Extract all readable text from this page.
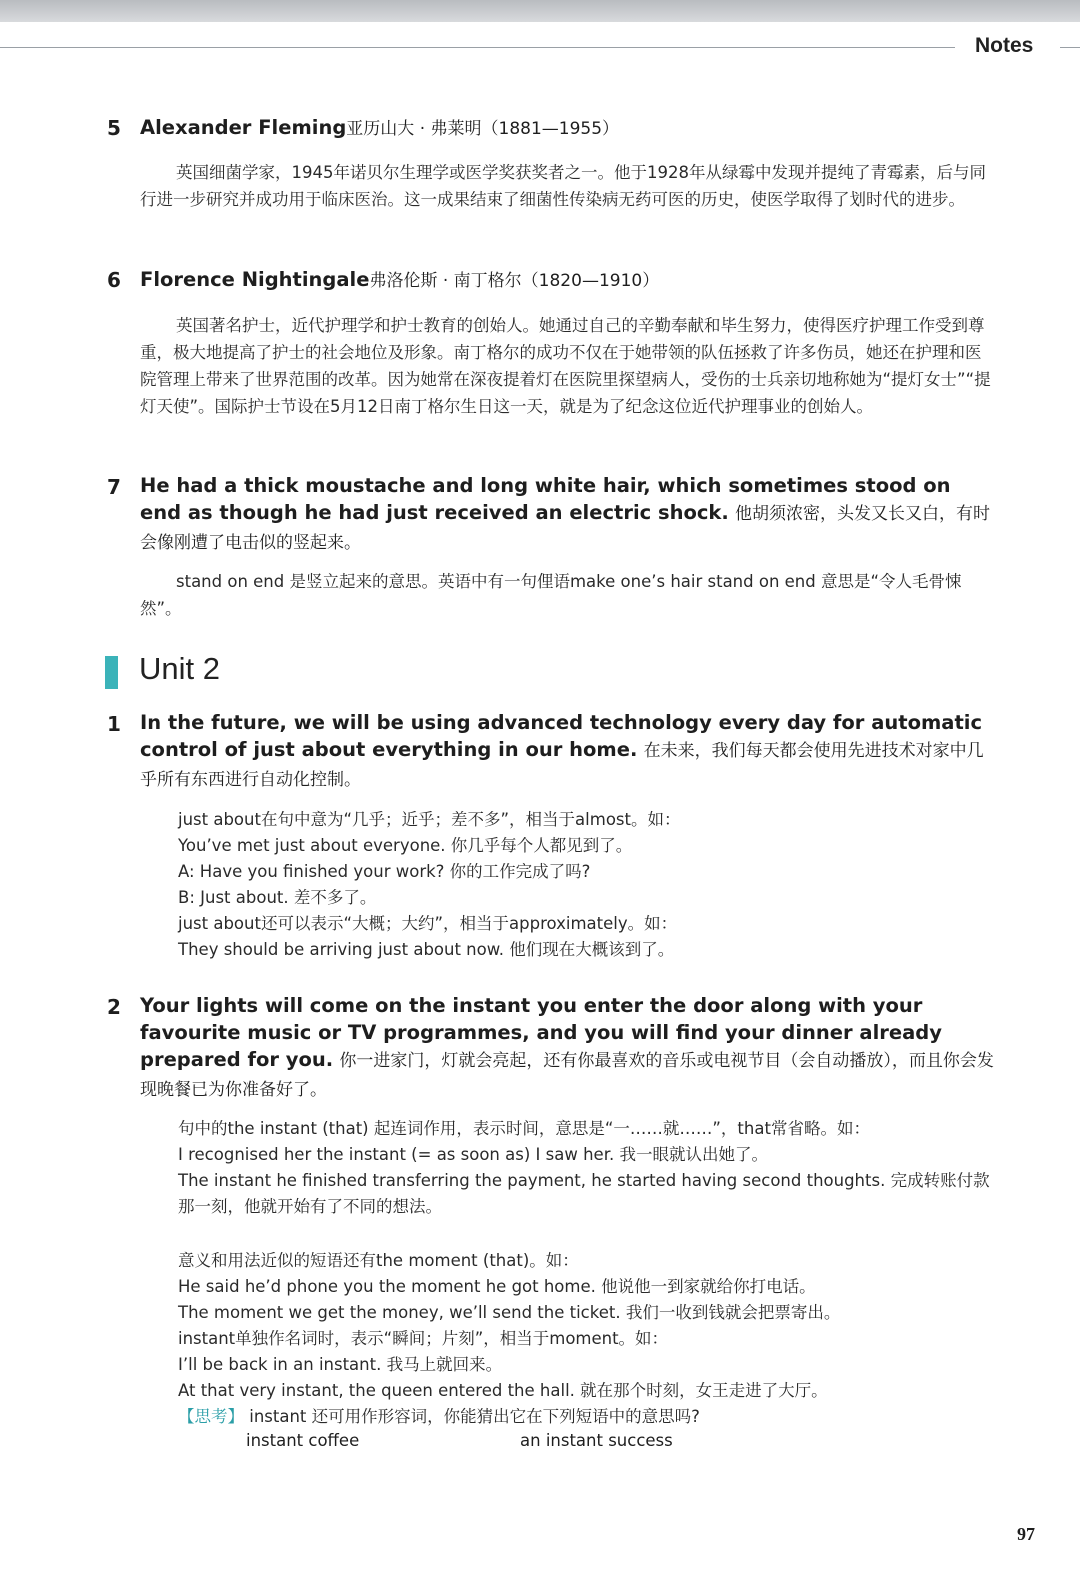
Notes
5 Alexander Fleming亚历山大 · 弗莱明（1881—1955）
英国细菌学家，1945年诺贝尔生理学或医学奖获奖者之一。他于1928年从绿霉中发现并提纯了青霉素，后与同行进一步研究并成功用于临床医治。这一成果结束了细菌性传染病无药可医的历史，使医学取得了划时代的进步。
6 Florence Nightingale弗洛伦斯 · 南丁格尔（1820—1910）
英国著名护士，近代护理学和护士教育的创始人。她通过自己的辛勤奉献和毕生努力，使得医疗护理工作受到尊重，极大地提高了护士的社会地位及形象。南丁格尔的成功不仅在于她带领的队伍拯救了许多伤员，她还在护理和医院管理上带来了世界范围的改革。因为她常在深夜提着灯在医院里探望病人，受伤的士兵亲切地称她为“提灯女士”“提灯天使”。国际护士节设在5月12日南丁格尔生日这一天，就是为了纪念这位近代护理事业的创始人。
7 He had a thick moustache and long white hair, which sometimes stood on end as though he had just received an electric shock. 他胡须浓密，头发又长又白，有时会像刚遭了电击似的竖起来。
stand on end 是竖立起来的意思。英语中有一句俚语make one’s hair stand on end 意思是“令人毛骨悚然”。
Unit 2
1 In the future, we will be using advanced technology every day for automatic control of just about everything in our home. 在未来，我们每天都会使用先进技术对家中几乎所有东西进行自动化控制。
just about在句中意为“几乎；近乎；差不多”，相当于almost。如：
You’ve met just about everyone. 你几乎每个人都见到了。
A: Have you finished your work? 你的工作完成了吗?
B: Just about. 差不多了。
just about还可以表示“大概；大约”，相当于approximately。如：
They should be arriving just about now. 他们现在大概该到了。
2 Your lights will come on the instant you enter the door along with your favourite music or TV programmes, and you will find your dinner already prepared for you. 你一进家门，灯就会亮起，还有你最喜欢的音乐或电视节目（会自动播放），而且你会发现晚餐已为你准备好了。
句中的the instant (that) 起连词作用，表示时间，意思是“一……就……”，that常省略。如：
I recognised her the instant (= as soon as) I saw her. 我一眼就认出她了。
The instant he finished transferring the payment, he started having second thoughts. 完成转账付款那一刻，他就开始有了不同的想法。
意义和用法近似的短语还有the moment (that)。如：
He said he’d phone you the moment he got home. 他说他一到家就给你打电话。
The moment we get the money, we’ll send the ticket. 我们一收到钱就会把票寄出。
instant单独作名词时，表示“瞬间；片刻”，相当于moment。如：
I’ll be back in an instant. 我马上就回来。
At that very instant, the queen entered the hall. 就在那个时刻，女王走进了大厅。
【思考】 instant 还可用作形容词，你能猜出它在下列短语中的意思吗?
instant coffee	an instant success
97
